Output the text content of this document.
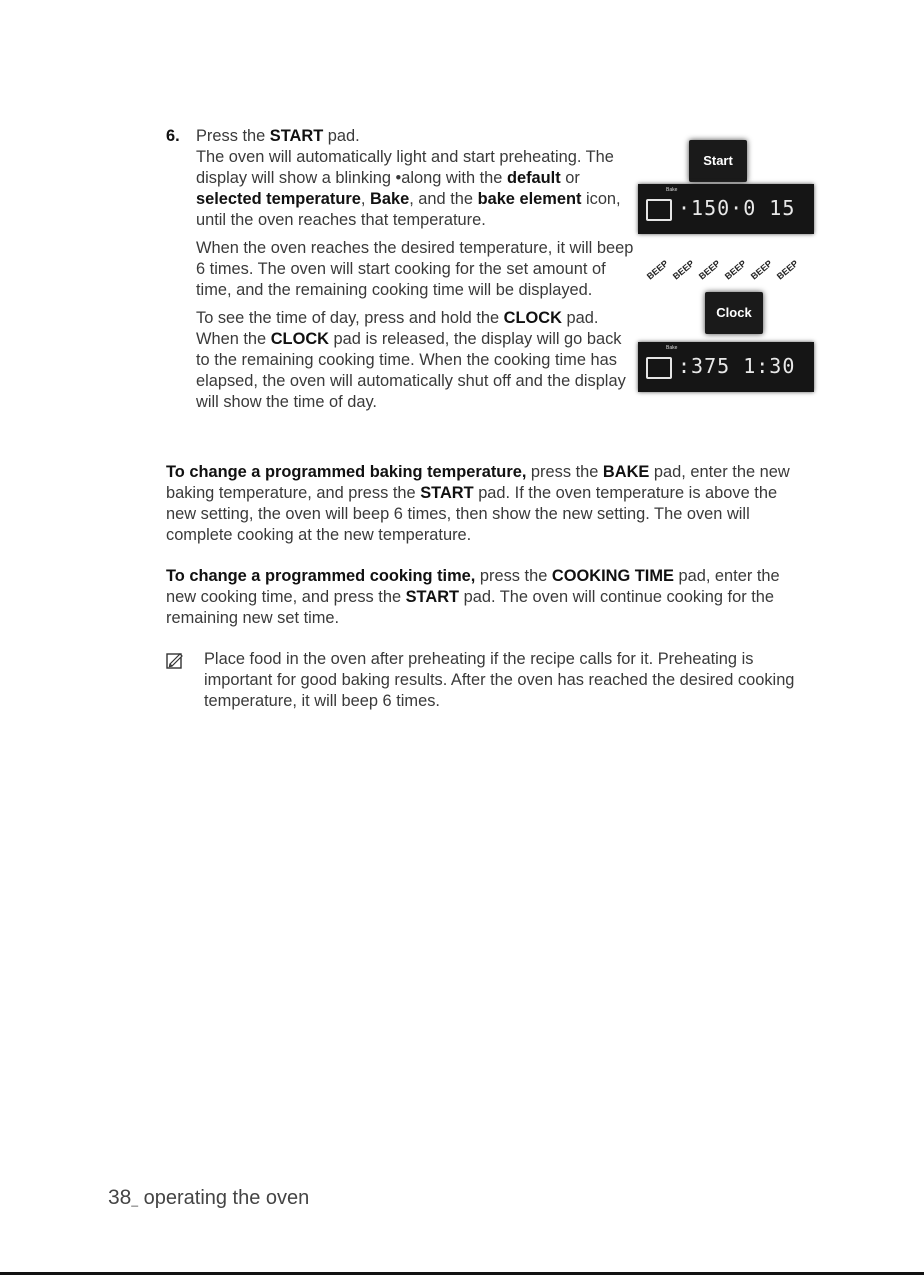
6. Press the START pad.

The oven will automatically light and start preheating. The display will show a blinking •along with the default or selected temperature, Bake, and the bake element icon, until the oven reaches that temperature.

When the oven reaches the desired temperature, it will beep 6 times. The oven will start cooking for the set amount of time, and the remaining cooking time will be displayed.

To see the time of day, press and hold the CLOCK pad. When the CLOCK pad is released, the display will go back to the remaining cooking time. When the cooking time has elapsed, the oven will automatically shut off and the display will show the time of day.

To change a programmed baking temperature, press the BAKE pad, enter the new baking temperature, and press the START pad. If the oven temperature is above the new setting, the oven will beep 6 times, then show the new setting. The oven will complete cooking at the new temperature.

To change a programmed cooking time, press the COOKING TIME pad, enter the new cooking time, and press the START pad. The oven will continue cooking for the remaining new set time.

Place food in the oven after preheating if the recipe calls for it. Preheating is important for good baking results. After the oven has reached the desired cooking temperature, it will beep 6 times.
Start
Bake
·150·0 15
BEEP BEEP BEEP BEEP BEEP BEEP
Clock
Bake
:375 1:30
38_ operating the oven
